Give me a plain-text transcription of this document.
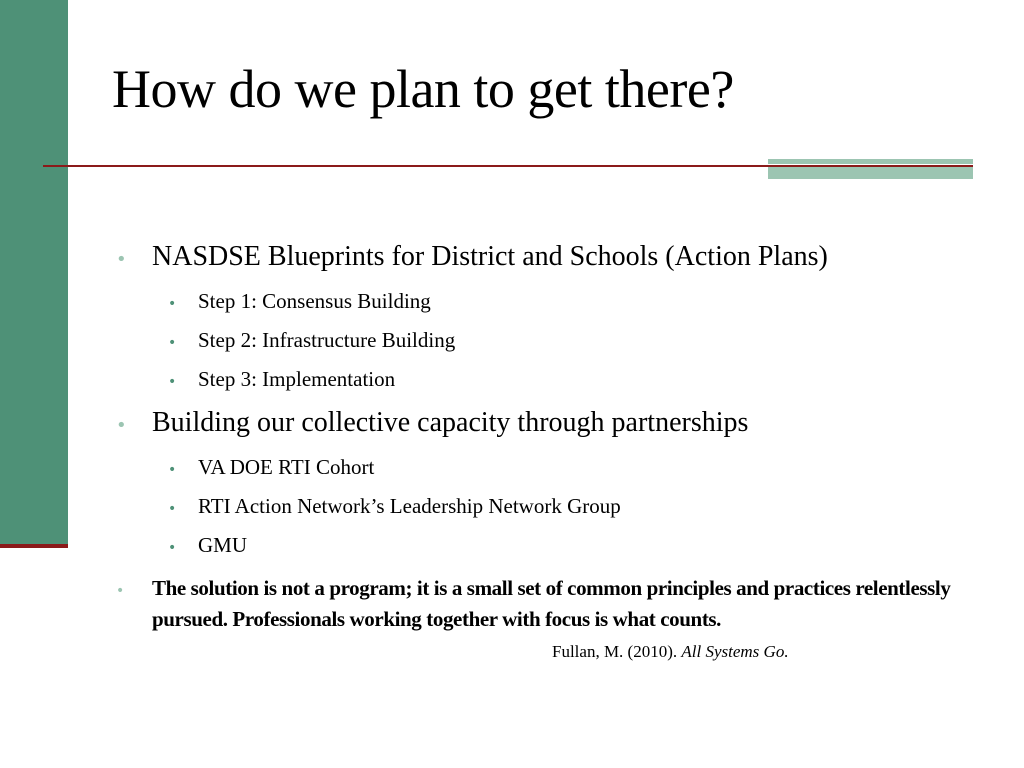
How do we plan to get there?
• NASDSE Blueprints for District and Schools (Action Plans)
•	Step 1: Consensus Building
•	Step 2: Infrastructure Building
•	Step 3: Implementation
• Building our collective capacity through partnerships
•	VA DOE RTI Cohort
•	RTI Action Network’s Leadership Network Group
•	GMU
•	The solution is not a program; it is a small set of common principles and practices relentlessly pursued. Professionals working together with focus is what counts. Fullan, M. (2010). All Systems Go.
